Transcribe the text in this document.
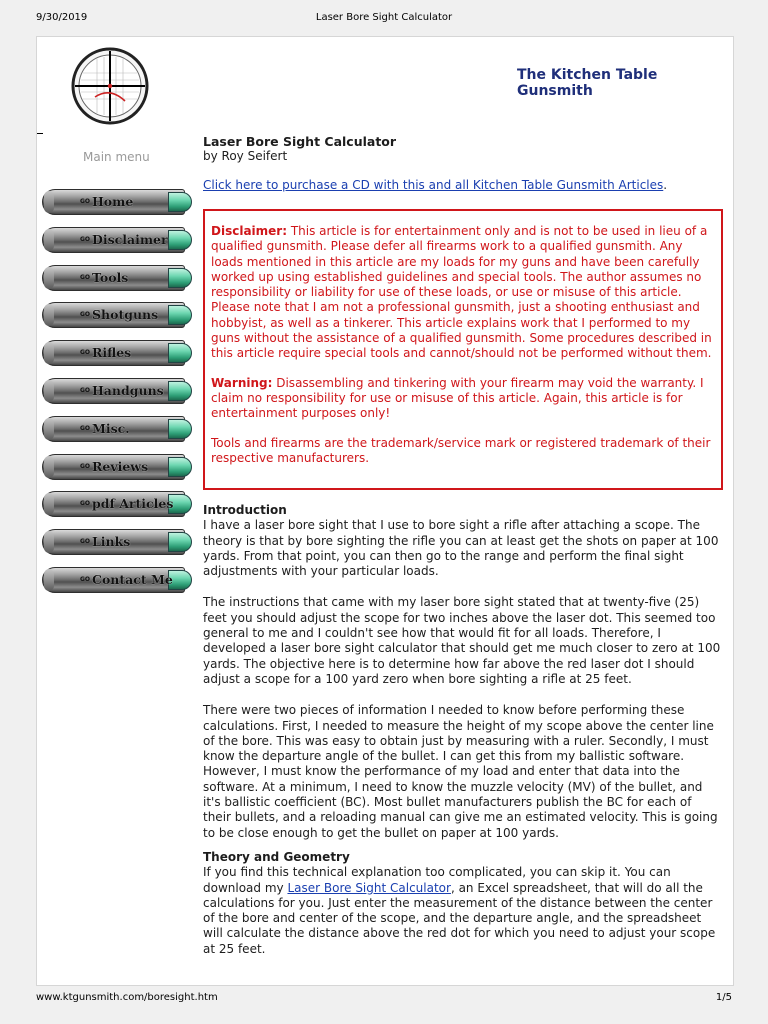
9/30/2019	Laser Bore Sight Calculator
The Kitchen Table Gunsmith
Main menu
GO Home
GO Disclaimer
GO Tools
GO Shotguns
GO Rifles
GO Handguns
GO Misc.
GO Reviews
GO pdf Articles
GO Links
GO Contact Me
Laser Bore Sight Calculator
by Roy Seifert
Click here to purchase a CD with this and all Kitchen Table Gunsmith Articles.

Disclaimer: This article is for entertainment only and is not to be used in lieu of a qualified gunsmith. Please defer all firearms work to a qualified gunsmith. Any loads mentioned in this article are my loads for my guns and have been carefully worked up using established guidelines and special tools. The author assumes no responsibility or liability for use of these loads, or use or misuse of this article. Please note that I am not a professional gunsmith, just a shooting enthusiast and hobbyist, as well as a tinkerer. This article explains work that I performed to my guns without the assistance of a qualified gunsmith. Some procedures described in this article require special tools and cannot/should not be performed without them.

Warning: Disassembling and tinkering with your firearm may void the warranty. I claim no responsibility for use or misuse of this article. Again, this article is for entertainment purposes only!

Tools and firearms are the trademark/service mark or registered trademark of their respective manufacturers.

Introduction

I have a laser bore sight that I use to bore sight a rifle after attaching a scope. The theory is that by bore sighting the rifle you can at least get the shots on paper at 100 yards. From that point, you can then go to the range and perform the final sight adjustments with your particular loads.

The instructions that came with my laser bore sight stated that at twenty-five (25) feet you should adjust the scope for two inches above the laser dot. This seemed too general to me and I couldn't see how that would fit for all loads. Therefore, I developed a laser bore sight calculator that should get me much closer to zero at 100 yards. The objective here is to determine how far above the red laser dot I should adjust a scope for a 100 yard zero when bore sighting a rifle at 25 feet.

There were two pieces of information I needed to know before performing these calculations. First, I needed to measure the height of my scope above the center line of the bore. This was easy to obtain just by measuring with a ruler. Secondly, I must know the departure angle of the bullet. I can get this from my ballistic software. However, I must know the performance of my load and enter that data into the software. At a minimum, I need to know the muzzle velocity (MV) of the bullet, and it's ballistic coefficient (BC). Most bullet manufacturers publish the BC for each of their bullets, and a reloading manual can give me an estimated velocity. This is going to be close enough to get the bullet on paper at 100 yards.

Theory and Geometry

If you find this technical explanation too complicated, you can skip it. You can download my Laser Bore Sight Calculator, an Excel spreadsheet, that will do all the calculations for you. Just enter the measurement of the distance between the center of the bore and center of the scope, and the departure angle, and the spreadsheet will calculate the distance above the red dot for which you need to adjust your scope at 25 feet.

www.ktgunsmith.com/boresight.htm	1/5
